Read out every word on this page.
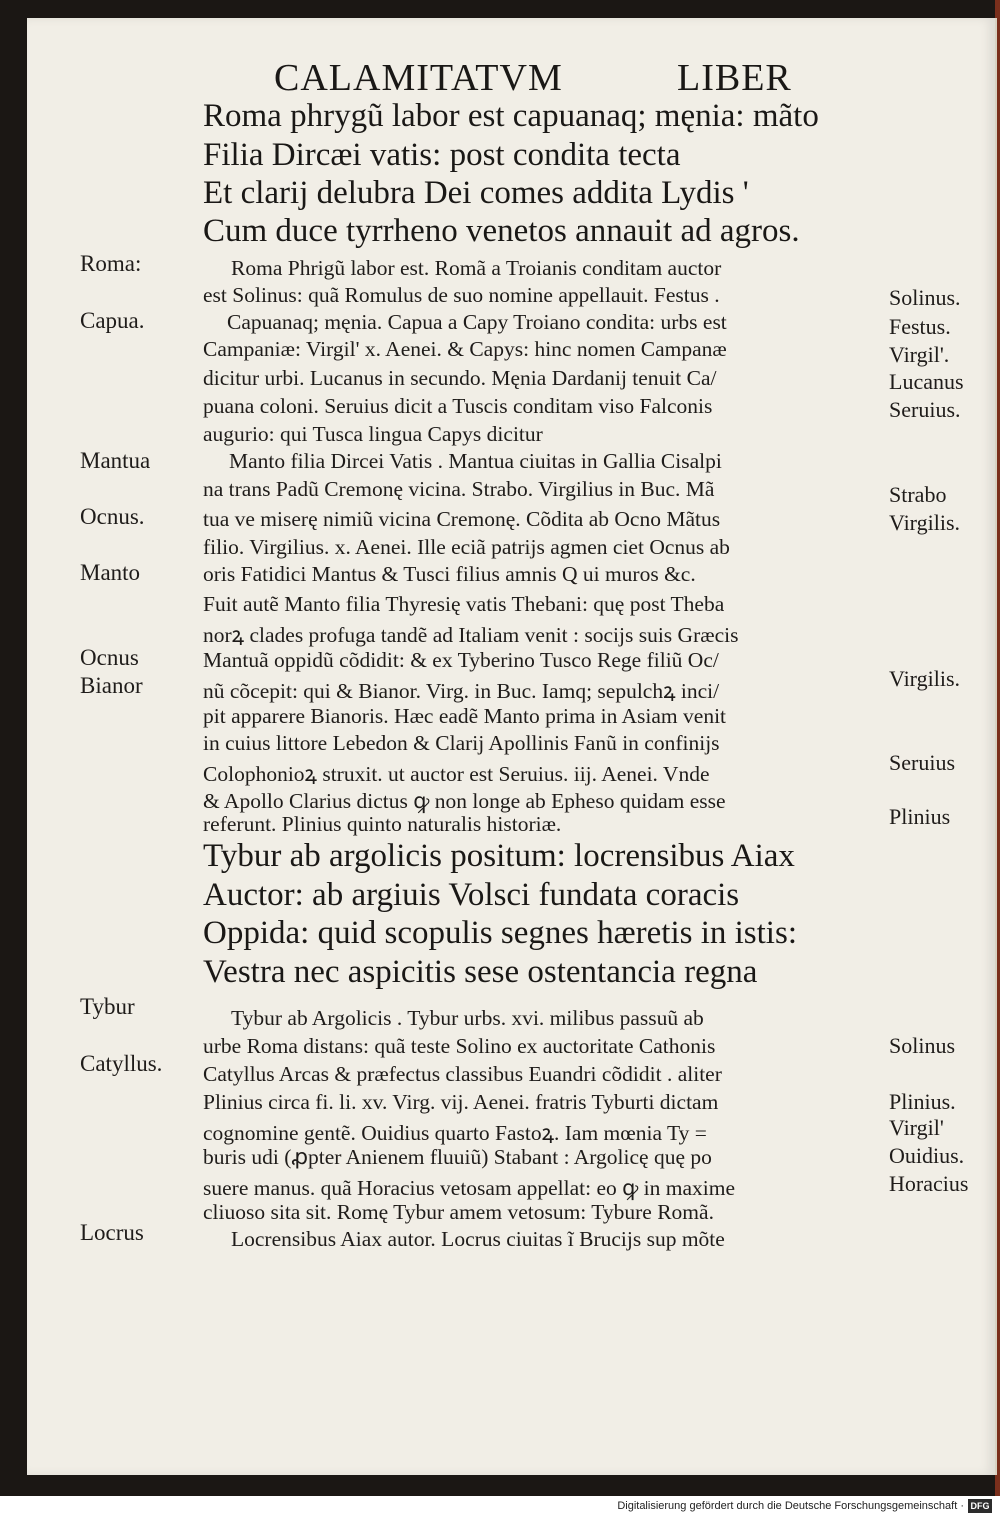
CALAMITATVM	LIBER
Roma phrygũ labor est capuanaq; męnia: mãto
Filia Dircæi vatis: post condita tecta
Et clarij delubra Dei comes addita Lydis '
Cum duce tyrrheno venetos annauit ad agros.
Roma Phrigũ labor est. Romã a Troianis conditam auctor
est Solinus: quã Romulus de suo nomine appellauit. Festus .
Capuanaq; męnia. Capua a Capy Troiano condita: urbs est
Campaniæ: Virgil' x. Aenei. & Capys: hinc nomen Campanæ
dicitur urbi. Lucanus in secundo. Męnia Dardanij tenuit Ca/
puana coloni. Seruius dicit a Tuscis conditam viso Falconis
augurio: qui Tusca lingua Capys dicitur
Manto filia Dircei Vatis . Mantua ciuitas in Gallia Cisalpi
na trans Padũ Cremonę vicina. Strabo. Virgilius in Buc. Mã
tua ve miserę nimiũ vicina Cremonę. Cõdita ab Ocno Mãtus
filio. Virgilius. x. Aenei. Ille eciã patrijs agmen ciet Ocnus ab
oris Fatidici Mantus & Tusci filius amnis Q ui muros &c.
Fuit autẽ Manto filia Thyresię vatis Thebani: quę post Theba
norꝝ clades profuga tandẽ ad Italiam venit : socijs suis Græcis
Mantuã oppidũ cõdidit: & ex Tyberino Tusco Rege filiũ Oc/
nũ cõcepit: qui & Bianor. Virg. in Buc. Iamq; sepulchꝝ inci/
pit apparere Bianoris. Hæc eadẽ Manto prima in Asiam venit
in cuius littore Lebedon & Clarij Apollinis Fanũ in confinijs
Colophonioꝝ struxit. ut auctor est Seruius. iij. Aenei. Vnde
& Apollo Clarius dictus ꝙ non longe ab Epheso quidam esse
referunt. Plinius quinto naturalis historiæ.
Tybur ab argolicis positum: locrensibus Aiax
Auctor: ab argiuis Volsci fundata coracis
Oppida: quid scopulis segnes hæretis in istis:
Vestra nec aspicitis sese ostentancia regna
Tybur ab Argolicis . Tybur urbs. xvi. milibus passuũ ab
urbe Roma distans: quã teste Solino ex auctoritate Cathonis
Catyllus Arcas & præfectus classibus Euandri cõdidit . aliter
Plinius circa fi. li. xv. Virg. vij. Aenei. fratris Tyburti dictam
cognomine gentẽ. Ouidius quarto Fastoꝝ. Iam mœnia Ty =
buris udi (ꝓpter Anienem fluuiũ) Stabant : Argolicę quę po
suere manus. quã Horacius vetosam appellat: eo ꝙ in maxime
cliuoso sita sit. Romę Tybur amem vetosum: Tybure Romã.
Locrensibus Aiax autor. Locrus ciuitas ĩ Brucijs sup mõte
Roma:
Capua.
Mantua
Ocnus.
Manto
Ocnus
Bianor
Tybur
Catyllus.
Locrus
Solinus.
Festus.
Virgil'.
Lucanus
Seruius.
Strabo
Virgilis.
Virgilis.
Seruius
Plinius
Solinus
Plinius.
Virgil'
Ouidius.
Horacius
Digitalisierung gefördert durch die Deutsche Forschungsgemeinschaft · DFG
